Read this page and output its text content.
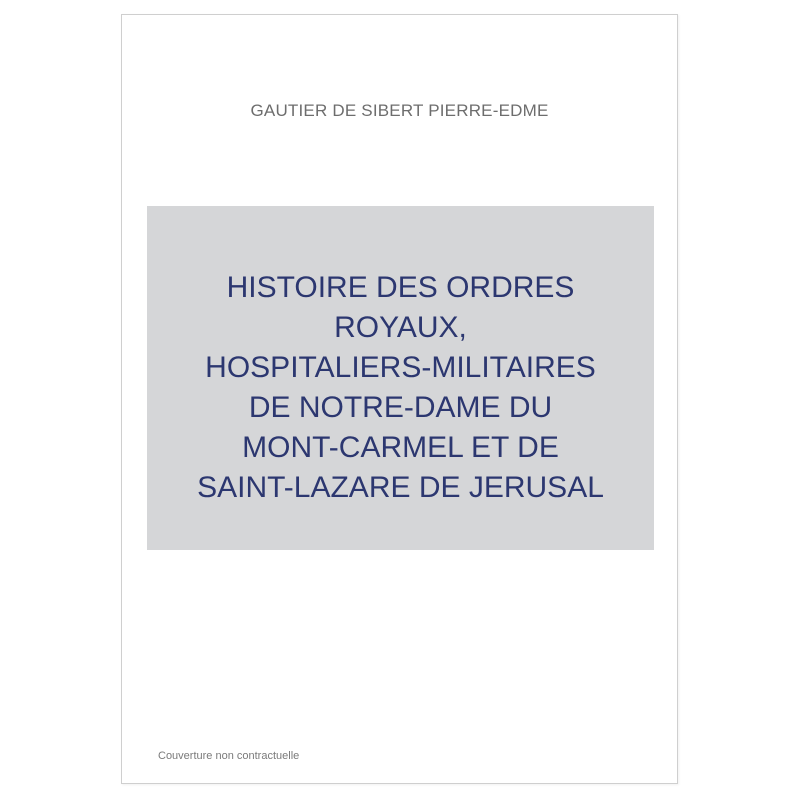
GAUTIER DE SIBERT PIERRE-EDME
HISTOIRE DES ORDRES
ROYAUX,
HOSPITALIERS-MILITAIRES
DE NOTRE-DAME DU
MONT-CARMEL ET DE
SAINT-LAZARE DE JERUSAL
Couverture non contractuelle
